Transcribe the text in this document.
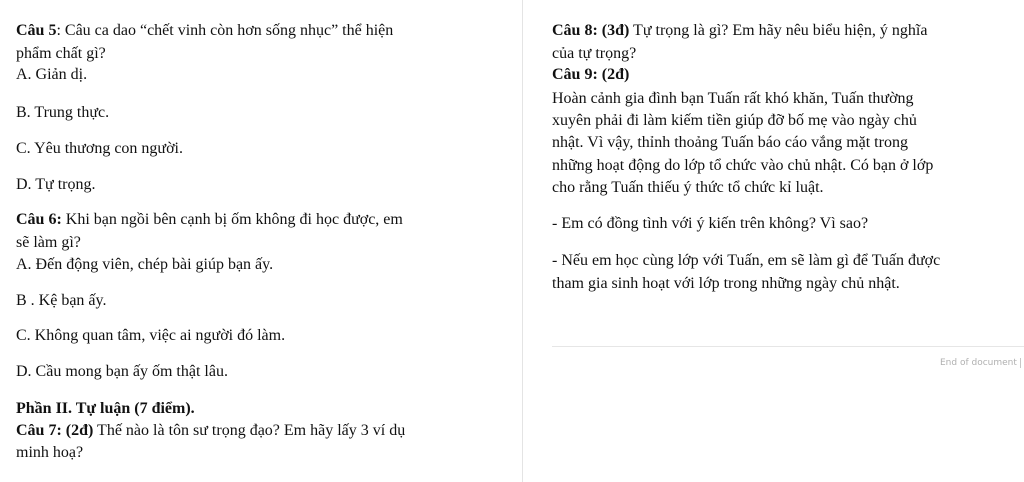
Câu 5: Câu ca dao “chết vinh còn hơn sống nhục” thể hiện
phẩm chất gì?
A. Giản dị.
B. Trung thực.
C. Yêu thương con người.
D. Tự trọng.
Câu 6: Khi bạn ngồi bên cạnh bị ốm không đi học được, em
sẽ làm gì?
A. Đến động viên, chép bài giúp bạn ấy.
B . Kệ bạn ấy.
C. Không quan tâm, việc ai người đó làm.
D. Cầu mong bạn ấy ốm thật lâu.
Phần II. Tự luận (7 điểm).
Câu 7: (2đ) Thế nào là tôn sư trọng đạo? Em hãy lấy 3 ví dụ
minh hoạ?
Câu 8: (3đ) Tự trọng là gì? Em hãy nêu biểu hiện, ý nghĩa
của tự trọng?
Câu 9: (2đ)
Hoàn cảnh gia đình bạn Tuấn rất khó khăn, Tuấn thường
xuyên phải đi làm kiếm tiền giúp đỡ bố mẹ vào ngày chủ
nhật. Vì vậy, thỉnh thoảng Tuấn báo cáo vắng mặt trong
những hoạt động do lớp tổ chức vào chủ nhật. Có bạn ở lớp
cho rằng Tuấn thiếu ý thức tổ chức kỉ luật.
- Em có đồng tình với ý kiến trên không? Vì sao?
- Nếu em học cùng lớp với Tuấn, em sẽ làm gì để Tuấn được
tham gia sinh hoạt với lớp trong những ngày chủ nhật.
End of document
